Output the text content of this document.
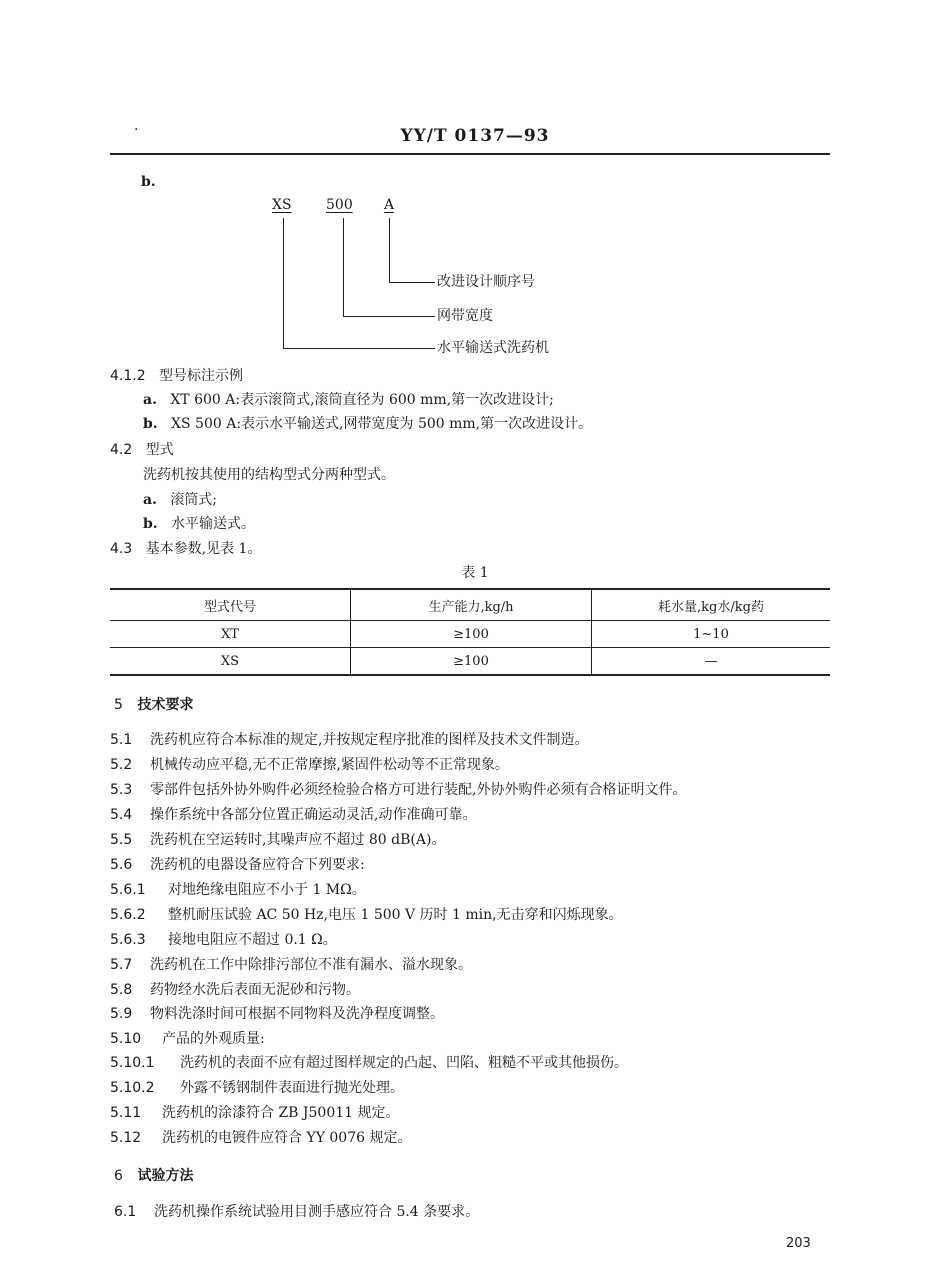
·	YY/T 0137—93
b.
XS 500 A
改进设计顺序号
网带宽度
水平输送式洗药机
4.1.2 型号标注示例
a. XT 600 A:表示滚筒式,滚筒直径为 600 mm,第一次改进设计;
b. XS 500 A:表示水平输送式,网带宽度为 500 mm,第一次改进设计。
4.2 型式
洗药机按其使用的结构型式分两种型式。
a. 滚筒式;
b. 水平输送式。
4.3 基本参数,见表 1。
表 1
型式代号	生产能力,kg/h	耗水量,kg水/kg药
XT	≥100	1~10
XS	≥100	—
5 技术要求
5.1 洗药机应符合本标准的规定,并按规定程序批准的图样及技术文件制造。
5.2 机械传动应平稳,无不正常摩擦,紧固件松动等不正常现象。
5.3 零部件包括外协外购件必须经检验合格方可进行装配,外协外购件必须有合格证明文件。
5.4 操作系统中各部分位置正确运动灵活,动作准确可靠。
5.5 洗药机在空运转时,其噪声应不超过 80 dB(A)。
5.6 洗药机的电器设备应符合下列要求:
5.6.1 对地绝缘电阻应不小于 1 MΩ。
5.6.2 整机耐压试验 AC 50 Hz,电压 1 500 V 历时 1 min,无击穿和闪烁现象。
5.6.3 接地电阻应不超过 0.1 Ω。
5.7 洗药机在工作中除排污部位不准有漏水、溢水现象。
5.8 药物经水洗后表面无泥砂和污物。
5.9 物料洗涤时间可根据不同物料及洗净程度调整。
5.10 产品的外观质量:
5.10.1 洗药机的表面不应有超过图样规定的凸起、凹陷、粗糙不平或其他损伤。
5.10.2 外露不锈钢制件表面进行抛光处理。
5.11 洗药机的涂漆符合 ZB J50011 规定。
5.12 洗药机的电镀件应符合 YY 0076 规定。
6 试验方法
6.1 洗药机操作系统试验用目测手感应符合 5.4 条要求。
203
